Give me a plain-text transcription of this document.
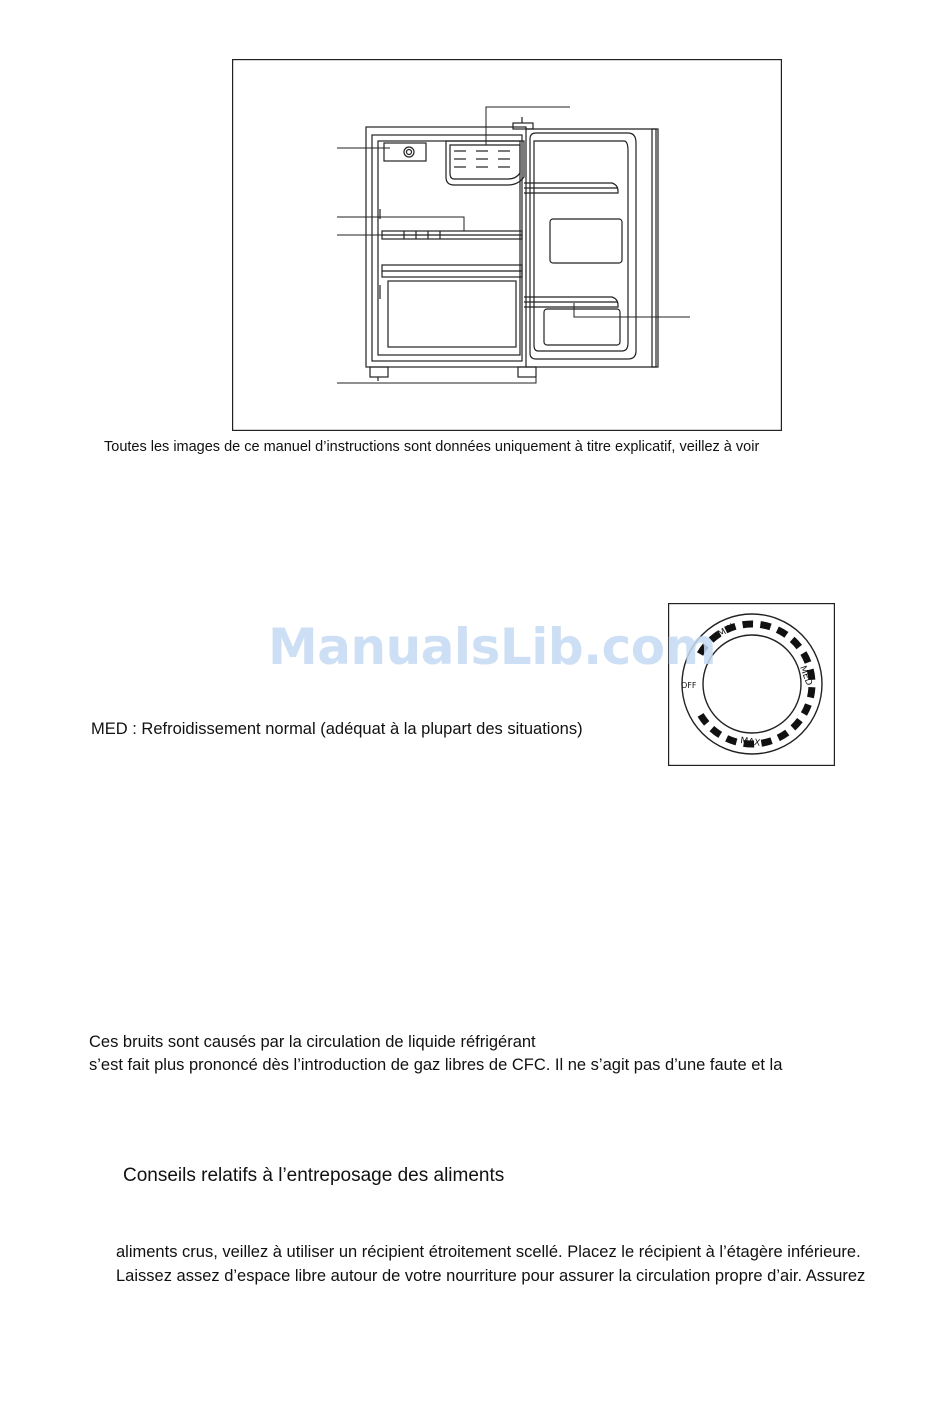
Toutes les images de ce manuel d’instructions sont données uniquement à titre explicatif, veillez à voir
MIN
MED
MAX
OFF
ManualsLib.com
MED : Refroidissement normal (adéquat à la plupart des situations)
Ces bruits sont causés par la circulation de liquide réfrigérant
s’est fait plus prononcé dès l’introduction de gaz libres de CFC. Il ne s’agit pas d’une faute et la
Conseils relatifs à l’entreposage des aliments
aliments crus, veillez à utiliser un récipient étroitement scellé. Placez le récipient à l’étagère inférieure.
Laissez assez d’espace libre autour de votre nourriture pour assurer la circulation propre d’air. Assurez
